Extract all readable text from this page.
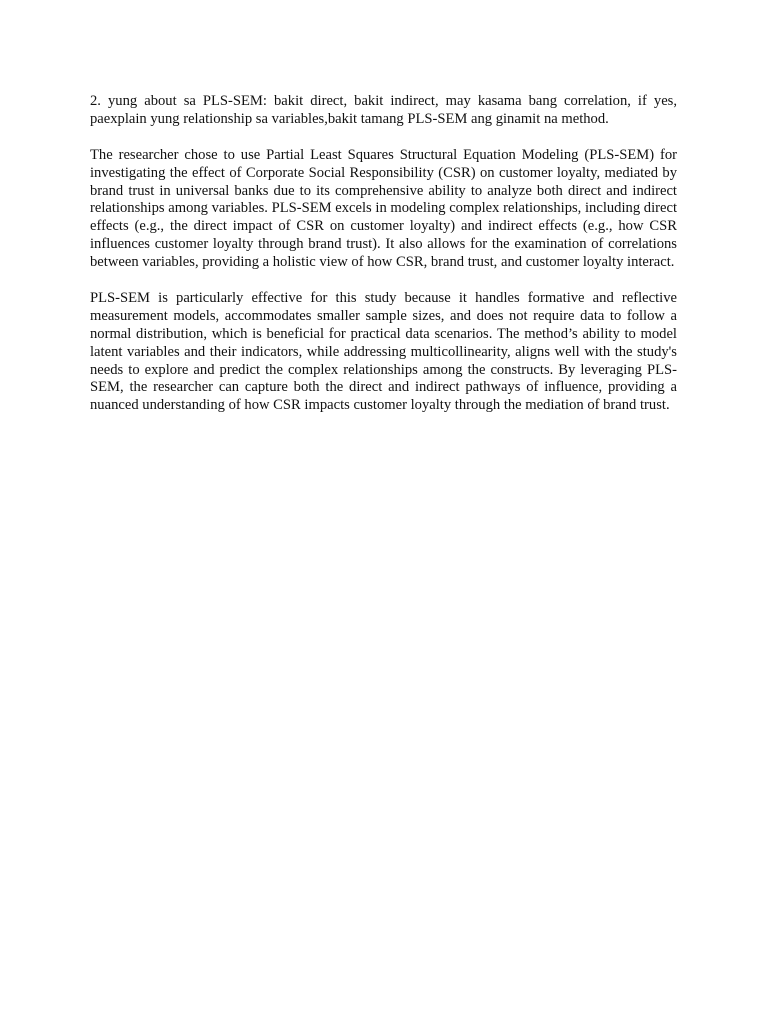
2. yung about sa PLS-SEM: bakit direct, bakit indirect, may kasama bang correlation, if yes, paexplain yung relationship sa variables,bakit tamang PLS-SEM ang ginamit na method.

The researcher chose to use Partial Least Squares Structural Equation Modeling (PLS-SEM) for investigating the effect of Corporate Social Responsibility (CSR) on customer loyalty, mediated by brand trust in universal banks due to its comprehensive ability to analyze both direct and indirect relationships among variables. PLS-SEM excels in modeling complex relationships, including direct effects (e.g., the direct impact of CSR on customer loyalty) and indirect effects (e.g., how CSR influences customer loyalty through brand trust). It also allows for the examination of correlations between variables, providing a holistic view of how CSR, brand trust, and customer loyalty interact.

PLS-SEM is particularly effective for this study because it handles formative and reflective measurement models, accommodates smaller sample sizes, and does not require data to follow a normal distribution, which is beneficial for practical data scenarios. The method’s ability to model latent variables and their indicators, while addressing multicollinearity, aligns well with the study's needs to explore and predict the complex relationships among the constructs. By leveraging PLS-SEM, the researcher can capture both the direct and indirect pathways of influence, providing a nuanced understanding of how CSR impacts customer loyalty through the mediation of brand trust.
